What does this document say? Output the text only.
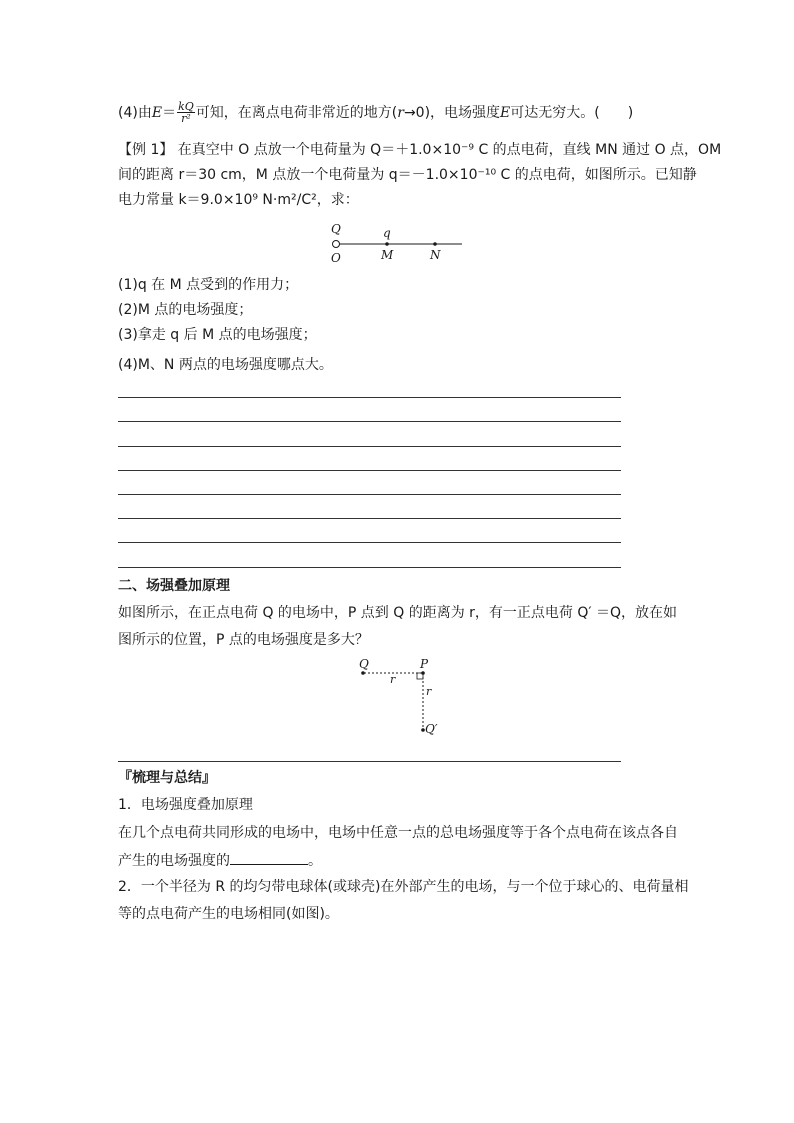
(4)由$E= \frac{kQ}{\text{r²}}$ 可知，在离点电荷非常近的地方(r→0)，电场强度E可达无穷大。(　　)
【例 1】 在真空中 O 点放一个电荷量为 Q＝＋1.0×10⁻⁹ C 的点电荷，直线 MN 通过 O 点，OM
间的距离 r＝30 cm，M 点放一个电荷量为 q＝－1.0×10⁻¹⁰ C 的点电荷，如图所示。已知静
电力常量 k＝9.0×10⁹ N·m²/C²，求：
Q	q
O	M	N
(1)q 在 M 点受到的作用力；
(2)M 点的电场强度；
(3)拿走 q 后 M 点的电场强度；
(4)M、N 两点的电场强度哪点大。
二、场强叠加原理
如图所示，在正点电荷 Q 的电场中，P 点到 Q 的距离为 r，有一正点电荷 Q′ ＝Q，放在如
图所示的位置，P 点的电场强度是多大？
Q	P
r
r
Q′
『梳理与总结』
1．电场强度叠加原理
在几个点电荷共同形成的电场中，电场中任意一点的总电场强度等于各个点电荷在该点各自
产生的电场强度的	。
2．一个半径为 R 的均匀带电球体(或球壳)在外部产生的电场，与一个位于球心的、电荷量相
等的点电荷产生的电场相同(如图)。
